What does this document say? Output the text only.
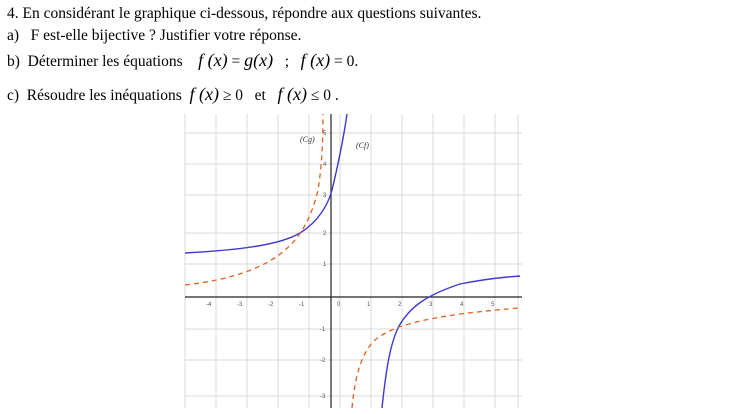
4. En considérant le graphique ci-dessous, répondre aux questions suivantes.
a) F est-elle bijective ? Justifier votre réponse.
b) Déterminer les équations f (x) = g(x) ; f (x) = 0.
c) Résoudre les inéquations f (x) ≥ 0 et f (x) ≤ 0 .
-4	-3	-2	-1	0	1	2	3	4	5
5
4
3
2
1
-1
-2
-3
(Cg)
(Cf)
